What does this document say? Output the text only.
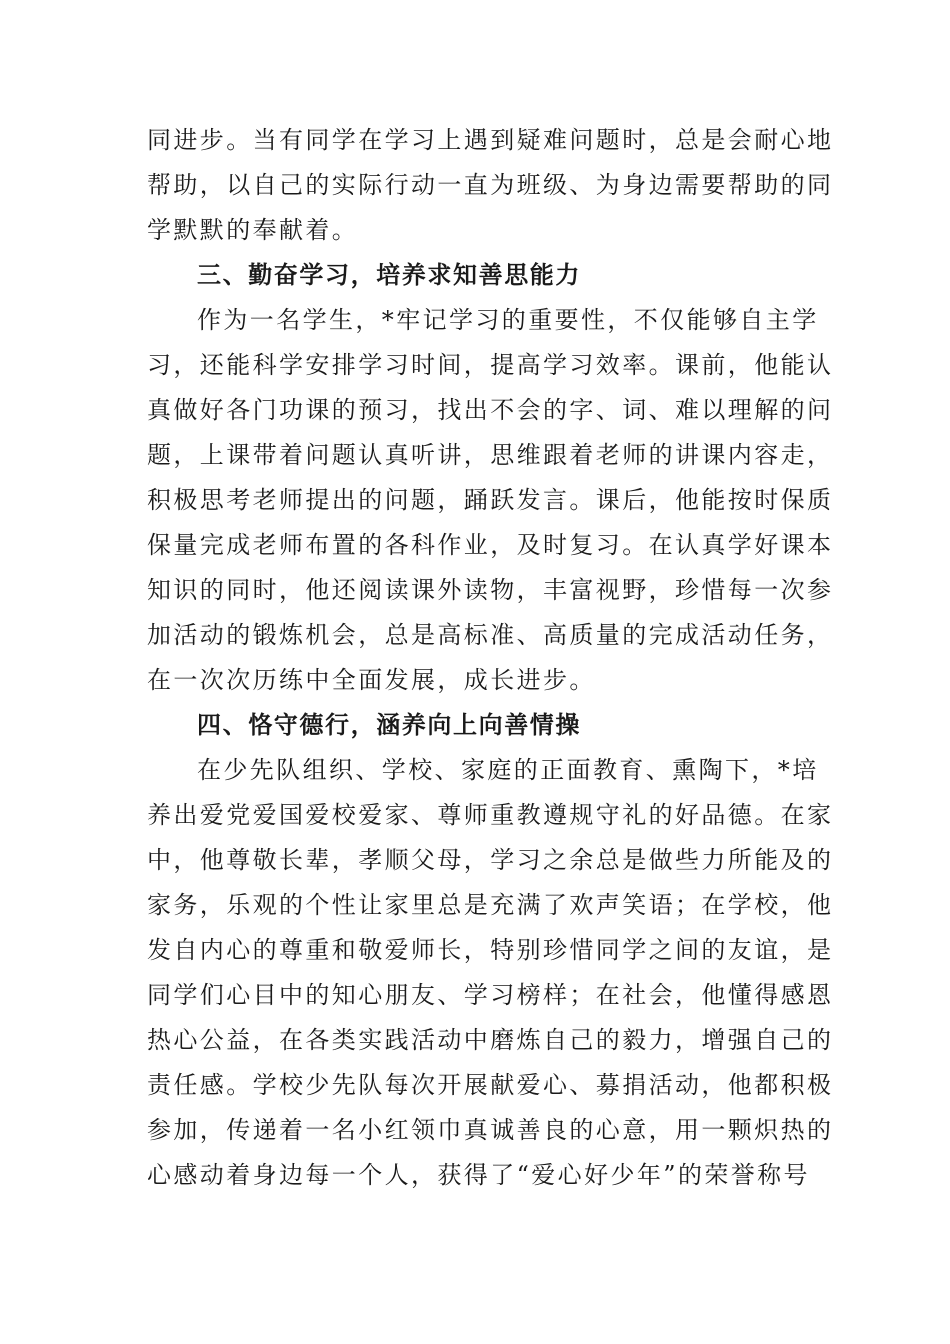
同进步。当有同学在学习上遇到疑难问题时，总是会耐心地
帮助，以自己的实际行动一直为班级、为身边需要帮助的同
学默默的奉献着。
三、勤奋学习，培养求知善思能力
作为一名学生，*牢记学习的重要性，不仅能够自主学
习，还能科学安排学习时间，提高学习效率。课前，他能认
真做好各门功课的预习，找出不会的字、词、难以理解的问
题，上课带着问题认真听讲，思维跟着老师的讲课内容走，
积极思考老师提出的问题，踊跃发言。课后，他能按时保质
保量完成老师布置的各科作业，及时复习。在认真学好课本
知识的同时，他还阅读课外读物，丰富视野，珍惜每一次参
加活动的锻炼机会，总是高标准、高质量的完成活动任务，
在一次次历练中全面发展，成长进步。
四、恪守德行，涵养向上向善情操
在少先队组织、学校、家庭的正面教育、熏陶下，*培
养出爱党爱国爱校爱家、尊师重教遵规守礼的好品德。在家
中，他尊敬长辈，孝顺父母，学习之余总是做些力所能及的
家务，乐观的个性让家里总是充满了欢声笑语；在学校，他
发自内心的尊重和敬爱师长，特别珍惜同学之间的友谊，是
同学们心目中的知心朋友、学习榜样；在社会，他懂得感恩
热心公益，在各类实践活动中磨炼自己的毅力，增强自己的
责任感。学校少先队每次开展献爱心、募捐活动，他都积极
参加，传递着一名小红领巾真诚善良的心意，用一颗炽热的
心感动着身边每一个人，获得了“爱心好少年”的荣誉称号
